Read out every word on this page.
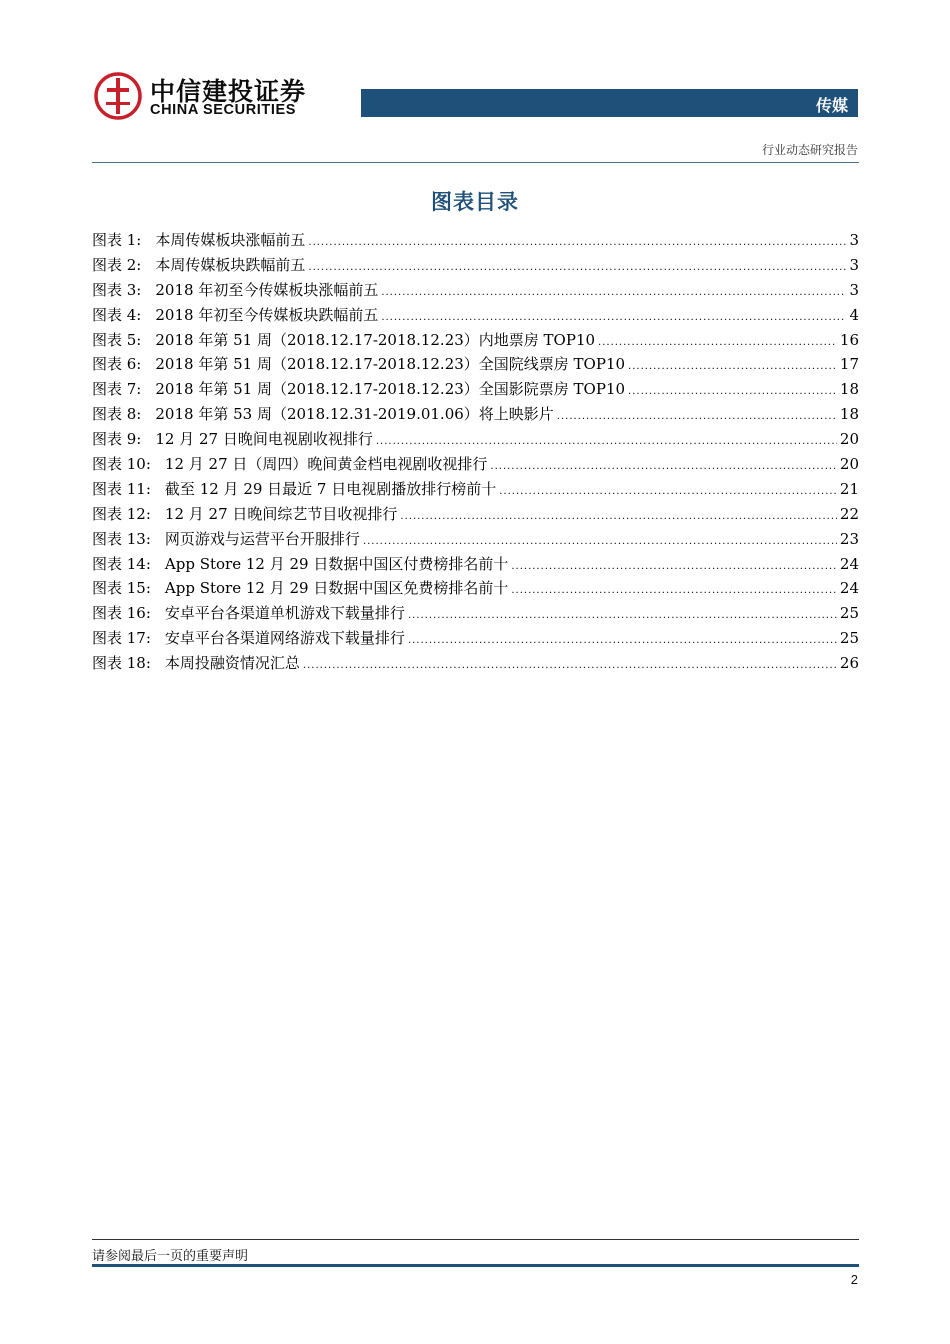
中信建投证券
CHINA SECURITIES	传媒
行业动态研究报告
图表目录
图表 1: 本周传媒板块涨幅前五 .....	3
图表 2: 本周传媒板块跌幅前五 .....	3
图表 3: 2018 年初至今传媒板块涨幅前五 .....	3
图表 4: 2018 年初至今传媒板块跌幅前五 .....	4
图表 5: 2018 年第 51 周（2018.12.17-2018.12.23）内地票房 TOP10 .....	16
图表 6: 2018 年第 51 周（2018.12.17-2018.12.23）全国院线票房 TOP10 .....	17
图表 7: 2018 年第 51 周（2018.12.17-2018.12.23）全国影院票房 TOP10 .....	18
图表 8: 2018 年第 53 周（2018.12.31-2019.01.06）将上映影片 .....	18
图表 9: 12 月 27 日晚间电视剧收视排行 .....	20
图表 10: 12 月 27 日（周四）晚间黄金档电视剧收视排行 .....	20
图表 11: 截至 12 月 29 日最近 7 日电视剧播放排行榜前十 .....	21
图表 12: 12 月 27 日晚间综艺节目收视排行 .....	22
图表 13: 网页游戏与运营平台开服排行 .....	23
图表 14: App Store 12 月 29 日数据中国区付费榜排名前十 .....	24
图表 15: App Store 12 月 29 日数据中国区免费榜排名前十 .....	24
图表 16: 安卓平台各渠道单机游戏下载量排行 .....	25
图表 17: 安卓平台各渠道网络游戏下载量排行 .....	25
图表 18: 本周投融资情况汇总 .....	26
请参阅最后一页的重要声明
2
